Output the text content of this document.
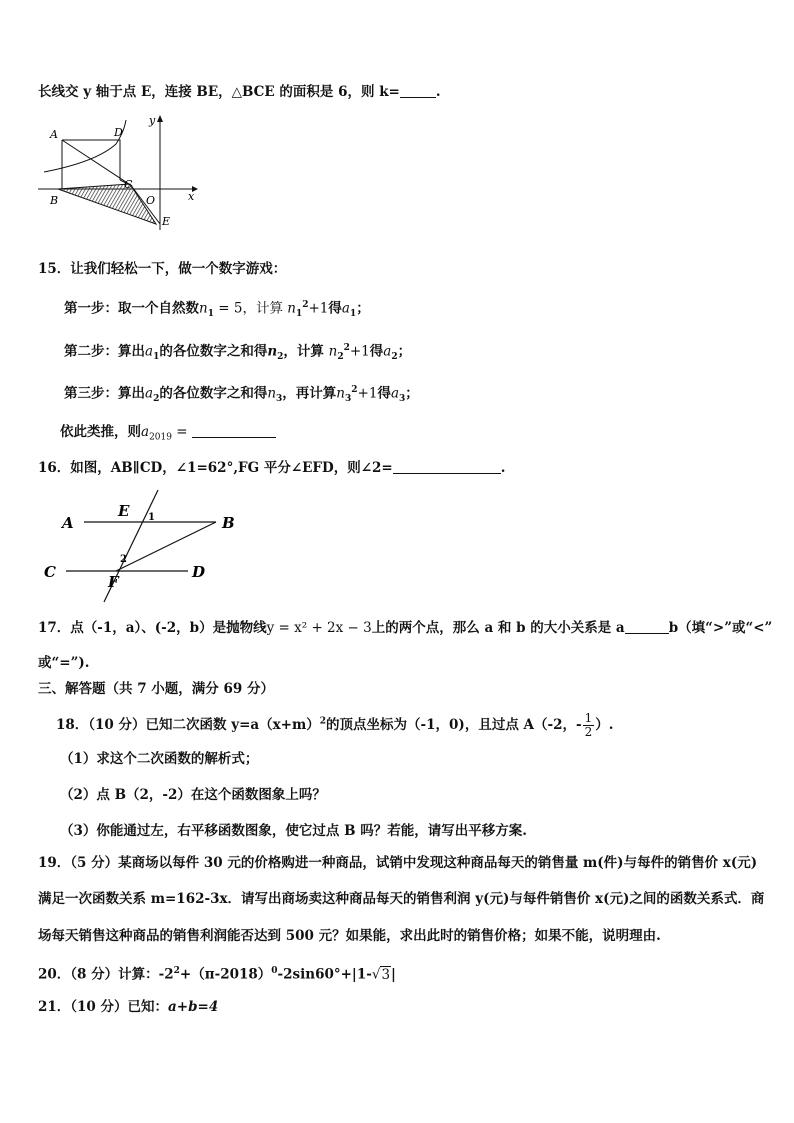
长线交 y 轴于点 E，连接 BE，△BCE 的面积是 6，则 k=	.
A	D
y
C
B	O	x
E
15．让我们轻松一下，做一个数字游戏：
第一步：取一个自然数$n_1 = 5$，计算 $n_1^2+1$得$a_1$；
第二步：算出$a_1$的各位数字之和得$n_2$，计算 $n_2^2+1$得$a_2$；
第三步：算出$a_2$的各位数字之和得$n_3$，再计算$n_3^2+1$得$a_3$；
依此类推，则$a_{2019}$ =
16．如图，AB∥CD，∠1=62°,FG 平分∠EFD，则∠2=	.
A	B
C	D
E
F
1
2
17．点（-1，a）、(-2，b）是抛物线y = x² + 2x − 3上的两个点，那么 a 和 b 的大小关系是 a	b（填“>”或“<”
或“=”).
三、解答题（共 7 小题，满分 69 分）
18．（10 分）已知二次函数 $y=a(x+m)^2$的顶点坐标为（-1，0)，且过点 A（-2，- $\frac{1}{2}$ ）.
（1）求这个二次函数的解析式；
（2）点 B（2，-2）在这个函数图象上吗？
（3）你能通过左，右平移函数图象，使它过点 B 吗？若能，请写出平移方案.
19．（5 分）某商场以每件 30 元的价格购进一种商品，试销中发现这种商品每天的销售量 m(件)与每件的销售价 x(元)
满足一次函数关系 m=162-3x．请写出商场卖这种商品每天的销售利润 y(元)与每件销售价 x(元)之间的函数关系式．商
场每天销售这种商品的销售利润能否达到 500 元？如果能，求出此时的销售价格；如果不能，说明理由.
20．（8 分）计算：$-2^2+(\pi-2018)^0-2\sin 60^\circ+|1-√3|$
21．（10 分）已知：a+b=4
